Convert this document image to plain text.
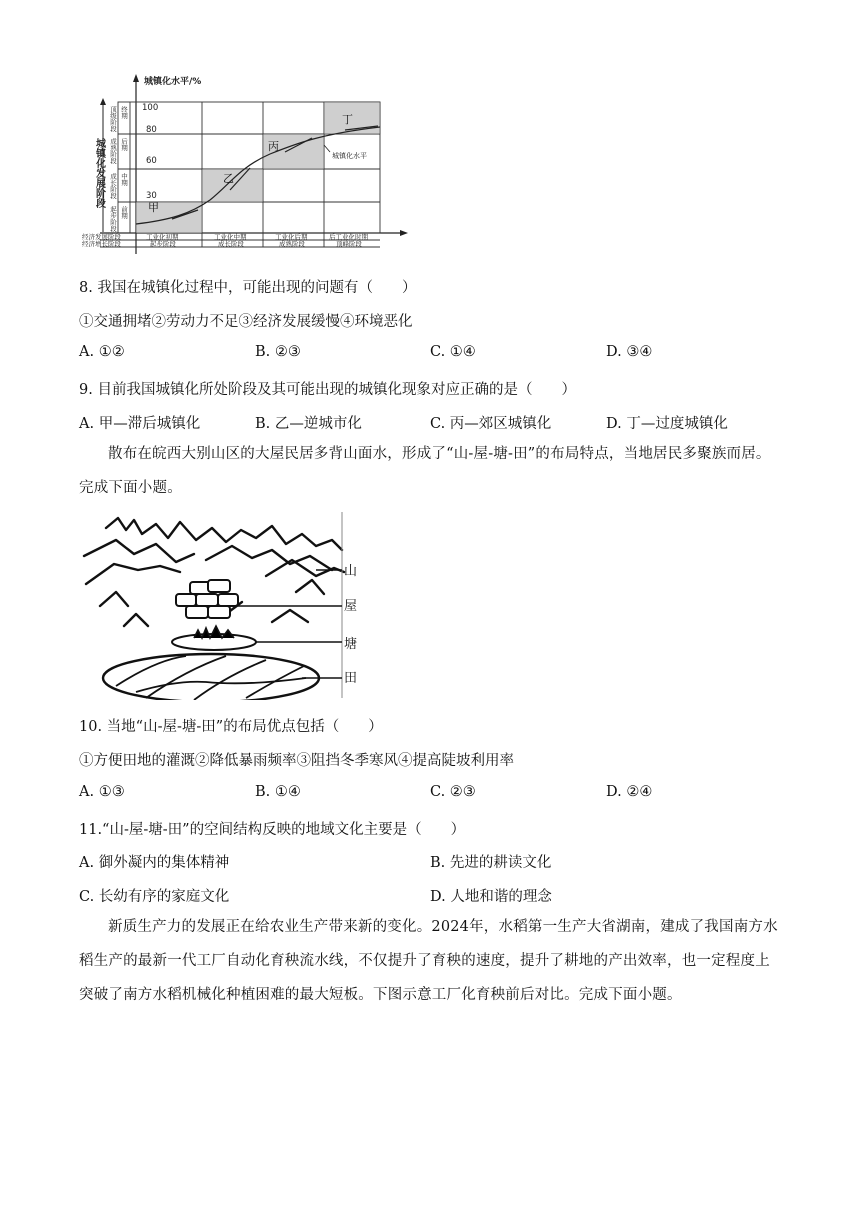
城镇化水平/%
城镇化发展阶段
终期
后期
中期
前期
顶级阶段
成熟阶段
成长阶段
起步阶段
100
80
60
30
甲
乙
丙
丁
城镇化水平
经济发展阶段
经济增长阶段
工业化初期	工业化中期	工业化后期	后工业化时期
起步阶段	成长阶段	成熟阶段	顶峰阶段
8. 我国在城镇化过程中，可能出现的问题有（　　）
①交通拥堵②劳动力不足③经济发展缓慢④环境恶化
A. ①②	B. ②③	C. ①④	D. ③④
9. 目前我国城镇化所处阶段及其可能出现的城镇化现象对应正确的是（　　）
A. 甲—滞后城镇化	B. 乙—逆城市化	C. 丙—郊区城镇化	D. 丁—过度城镇化
散布在皖西大别山区的大屋民居多背山面水，形成了“山-屋-塘-田”的布局特点，当地居民多聚族而居。完成下面小题。
山
屋
塘
田
10. 当地“山-屋-塘-田”的布局优点包括（　　）
①方便田地的灌溉②降低暴雨频率③阻挡冬季寒风④提高陡坡利用率
A. ①③	B. ①④	C. ②③	D. ②④
11.“山-屋-塘-田”的空间结构反映的地域文化主要是（　　）
A. 御外凝内的集体精神	B. 先进的耕读文化
C. 长幼有序的家庭文化	D. 人地和谐的理念
新质生产力的发展正在给农业生产带来新的变化。2024年，水稻第一生产大省湖南，建成了我国南方水稻生产的最新一代工厂自动化育秧流水线，不仅提升了育秧的速度，提升了耕地的产出效率，也一定程度上突破了南方水稻机械化种植困难的最大短板。下图示意工厂化育秧前后对比。完成下面小题。
